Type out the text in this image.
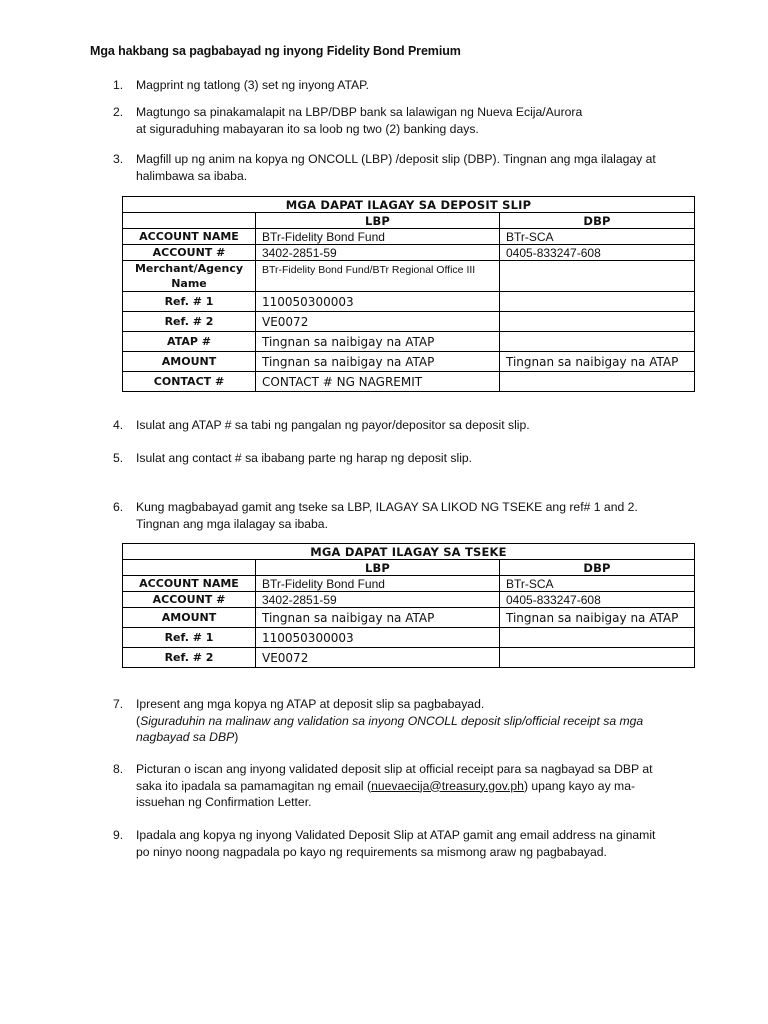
Mga hakbang sa pagbabayad ng inyong Fidelity Bond Premium
1.	Magprint ng tatlong (3) set ng inyong ATAP.
2.	Magtungo sa pinakamalapit na LBP/DBP bank sa lalawigan ng Nueva Ecija/Aurora
at siguraduhing mabayaran ito sa loob ng two (2) banking days.
3.	Magfill up ng anim na kopya ng ONCOLL (LBP) /deposit slip (DBP). Tingnan ang mga ilalagay at
halimbawa sa ibaba.
MGA DAPAT ILAGAY SA DEPOSIT SLIP		
	LBP	DBP
ACCOUNT NAME	BTr-Fidelity Bond Fund	BTr-SCA
ACCOUNT #	3402-2851-59	0405-833247-608
Merchant/Agency Name	BTr-Fidelity Bond Fund/BTr Regional Office III	
Ref. # 1	110050300003	
Ref. # 2	VE0072	
ATAP #	Tingnan sa naibigay na ATAP	
AMOUNT	Tingnan sa naibigay na ATAP	Tingnan sa naibigay na ATAP
CONTACT #	CONTACT # NG NAGREMIT	
4.	Isulat ang ATAP # sa tabi ng pangalan ng payor/depositor sa deposit slip.
5.	Isulat ang contact # sa ibabang parte ng harap ng deposit slip.
6.	Kung magbabayad gamit ang tseke sa LBP, ILAGAY SA LIKOD NG TSEKE ang ref# 1 and 2.
Tingnan ang mga ilalagay sa ibaba.
MGA DAPAT ILAGAY SA TSEKE		
	LBP	DBP
ACCOUNT NAME	BTr-Fidelity Bond Fund	BTr-SCA
ACCOUNT #	3402-2851-59	0405-833247-608
AMOUNT	Tingnan sa naibigay na ATAP	Tingnan sa naibigay na ATAP
Ref. # 1	110050300003	
Ref. # 2	VE0072	
7.	Ipresent ang mga kopya ng ATAP at deposit slip sa pagbabayad.
(Siguraduhin na malinaw ang validation sa inyong ONCOLL deposit slip/official receipt sa mga
nagbayad sa DBP)
8.	Picturan o iscan ang inyong validated deposit slip at official receipt para sa nagbayad sa DBP at
saka ito ipadala sa pamamagitan ng email (nuevaecija@treasury.gov.ph) upang kayo ay ma-
issuehan ng Confirmation Letter.
9.	Ipadala ang kopya ng inyong Validated Deposit Slip at ATAP gamit ang email address na ginamit
po ninyo noong nagpadala po kayo ng requirements sa mismong araw ng pagbabayad.
